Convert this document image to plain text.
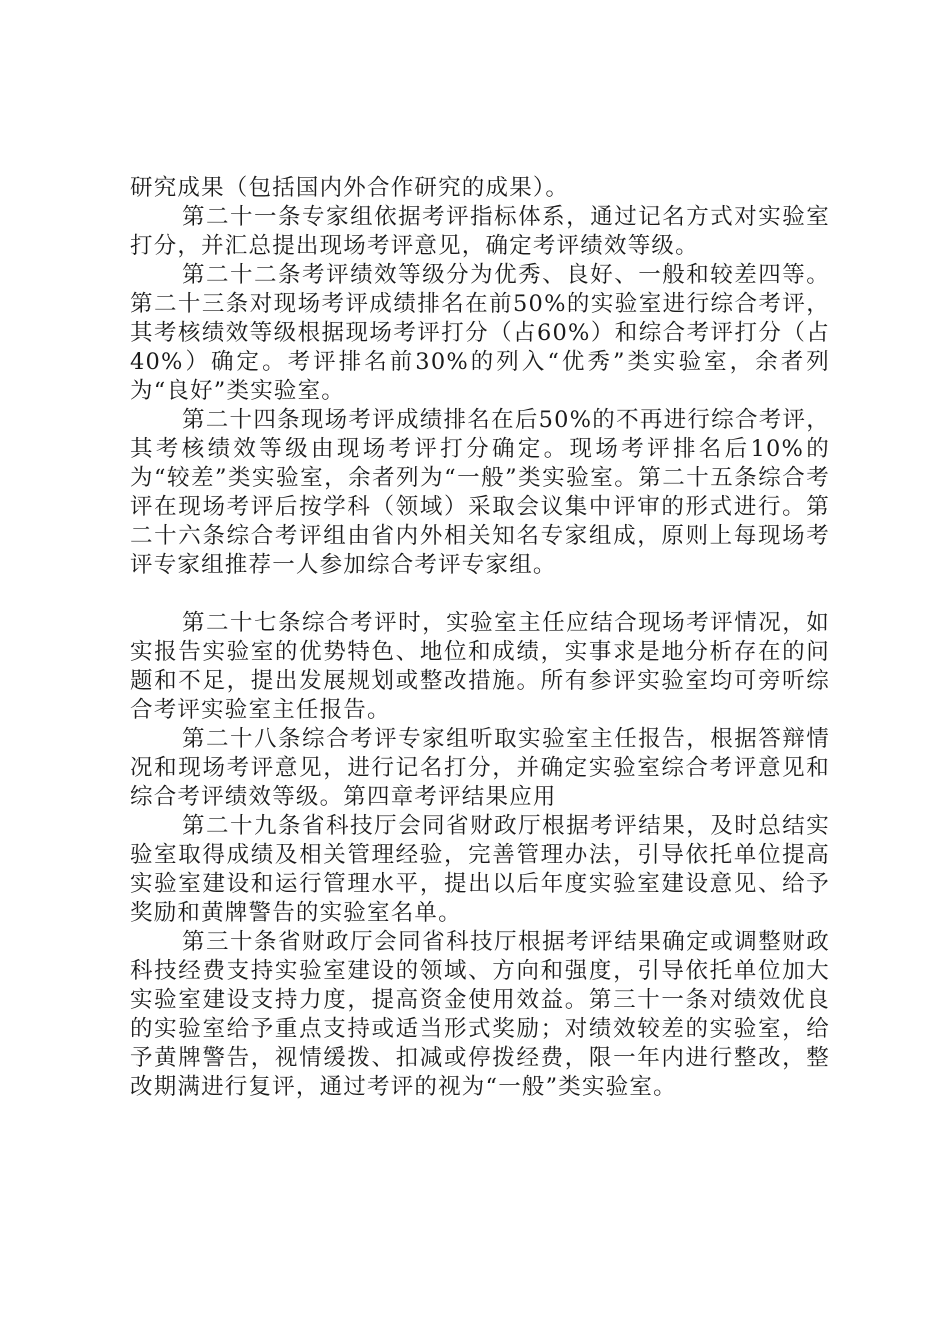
研究成果（包括国内外合作研究的成果）。

第二十一条专家组依据考评指标体系，通过记名方式对实验室打分，并汇总提出现场考评意见，确定考评绩效等级。

第二十二条考评绩效等级分为优秀、良好、一般和较差四等。第二十三条对现场考评成绩排名在前50%的实验室进行综合考评，其考核绩效等级根据现场考评打分（占60%）和综合考评打分（占40%）确定。考评排名前30%的列入“优秀”类实验室，余者列为“良好”类实验室。

第二十四条现场考评成绩排名在后50%的不再进行综合考评，其考核绩效等级由现场考评打分确定。现场考评排名后10%的为“较差”类实验室，余者列为“一般”类实验室。第二十五条综合考评在现场考评后按学科（领域）采取会议集中评审的形式进行。第二十六条综合考评组由省内外相关知名专家组成，原则上每现场考评专家组推荐一人参加综合考评专家组。

第二十七条综合考评时，实验室主任应结合现场考评情况，如实报告实验室的优势特色、地位和成绩，实事求是地分析存在的问题和不足，提出发展规划或整改措施。所有参评实验室均可旁听综合考评实验室主任报告。

第二十八条综合考评专家组听取实验室主任报告，根据答辩情况和现场考评意见，进行记名打分，并确定实验室综合考评意见和综合考评绩效等级。第四章考评结果应用

第二十九条省科技厅会同省财政厅根据考评结果，及时总结实验室取得成绩及相关管理经验，完善管理办法，引导依托单位提高实验室建设和运行管理水平，提出以后年度实验室建设意见、给予奖励和黄牌警告的实验室名单。

第三十条省财政厅会同省科技厅根据考评结果确定或调整财政科技经费支持实验室建设的领域、方向和强度，引导依托单位加大实验室建设支持力度，提高资金使用效益。第三十一条对绩效优良的实验室给予重点支持或适当形式奖励；对绩效较差的实验室，给予黄牌警告，视情缓拨、扣减或停拨经费，限一年内进行整改，整改期满进行复评，通过考评的视为“一般”类实验室。
